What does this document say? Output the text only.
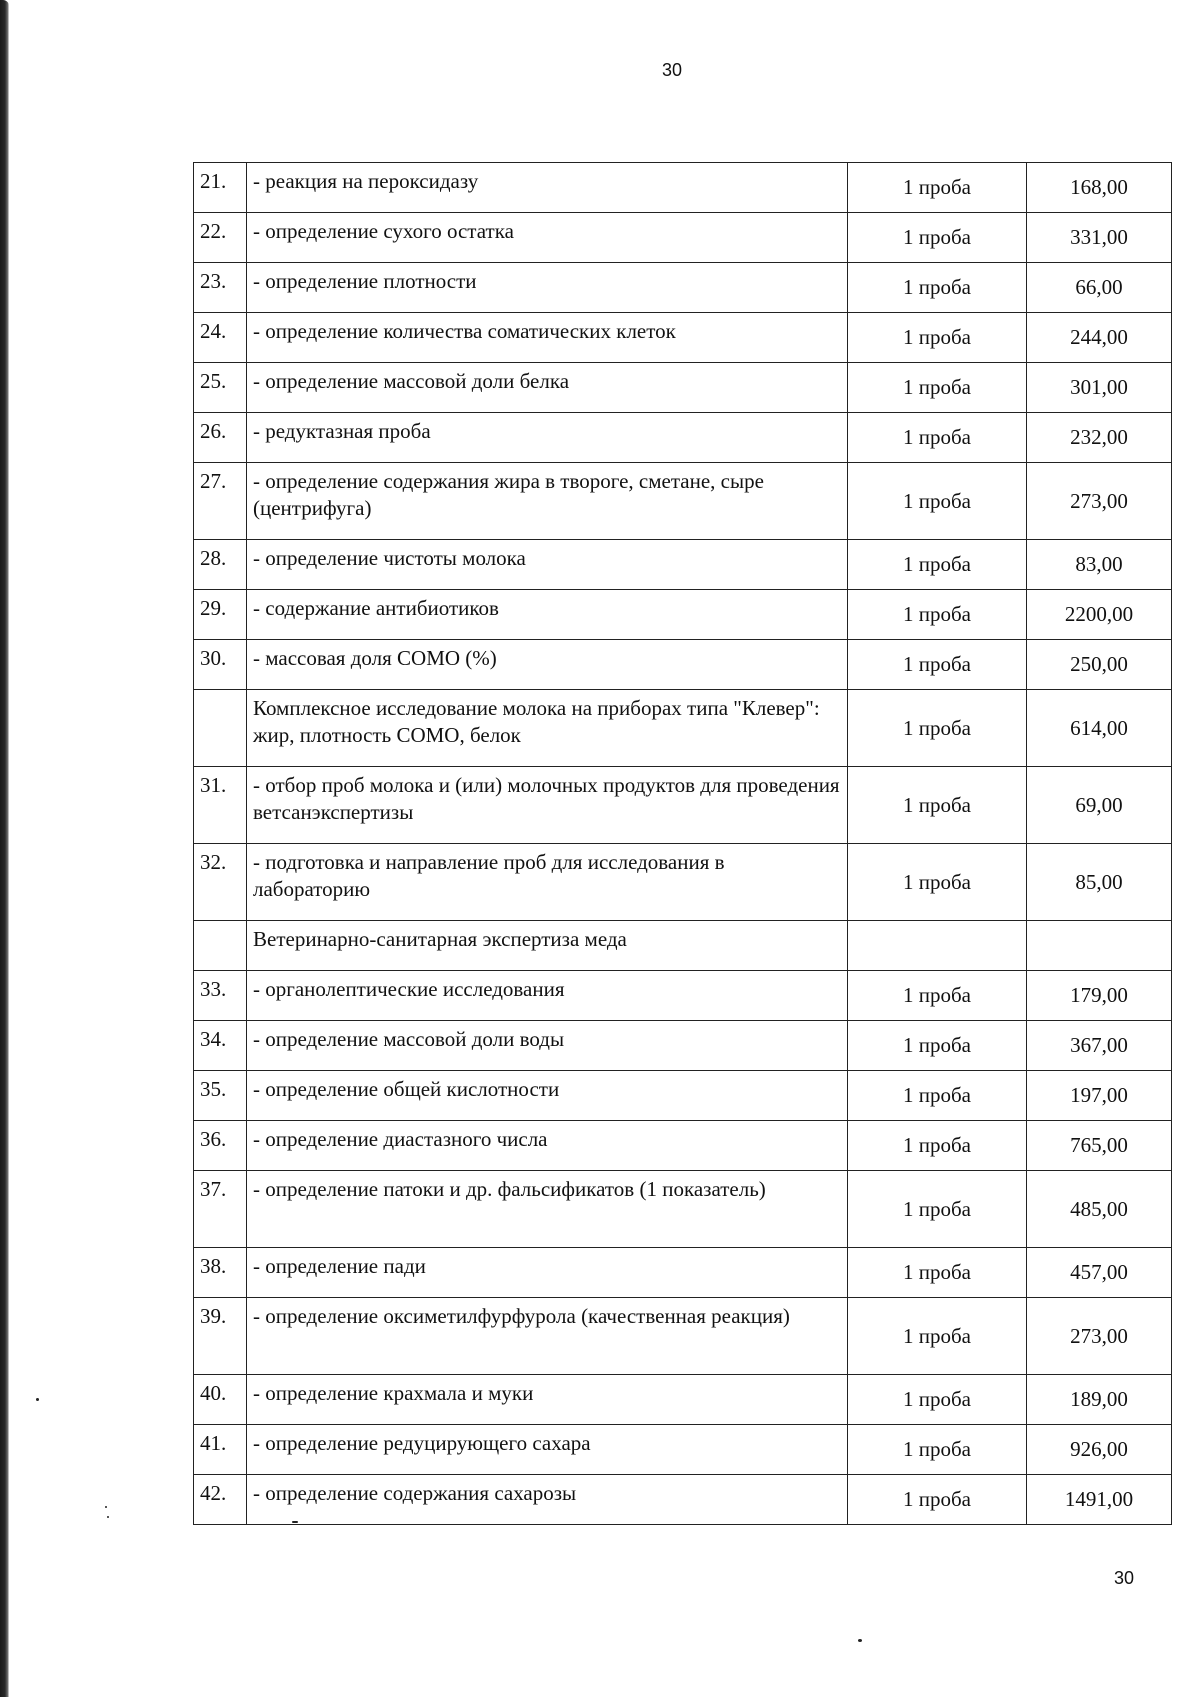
30
21.	- реакция на пероксидазу	1 проба	168,00
22.	- определение сухого остатка	1 проба	331,00
23.	- определение плотности	1 проба	66,00
24.	- определение количества соматических клеток	1 проба	244,00
25.	- определение массовой доли белка	1 проба	301,00
26.	- редуктазная проба	1 проба	232,00
27.	- определение содержания жира в твороге, сметане, сыре (центрифуга)	1 проба	273,00
28.	- определение чистоты молока	1 проба	83,00
29.	- содержание антибиотиков	1 проба	2200,00
30.	- массовая доля СОМО (%)	1 проба	250,00
	Комплексное исследование молока на приборах типа "Клевер": жир, плотность СОМО, белок	1 проба	614,00
31.	- отбор проб молока и (или) молочных продуктов для проведения ветсанэкспертизы	1 проба	69,00
32.	- подготовка и направление проб для исследования в лабораторию	1 проба	85,00
	Ветеринарно-санитарная экспертиза меда		
33.	- органолептические исследования	1 проба	179,00
34.	- определение массовой доли воды	1 проба	367,00
35.	- определение общей кислотности	1 проба	197,00
36.	- определение диастазного числа	1 проба	765,00
37.	- определение патоки и др. фальсификатов (1 показатель)	1 проба	485,00
38.	- определение пади	1 проба	457,00
39.	- определение оксиметилфурфурола (качественная реакция)	1 проба	273,00
40.	- определение крахмала и муки	1 проба	189,00
41.	- определение редуцирующего сахара	1 проба	926,00
42.	- определение содержания сахарозы	1 проба	1491,00
30
